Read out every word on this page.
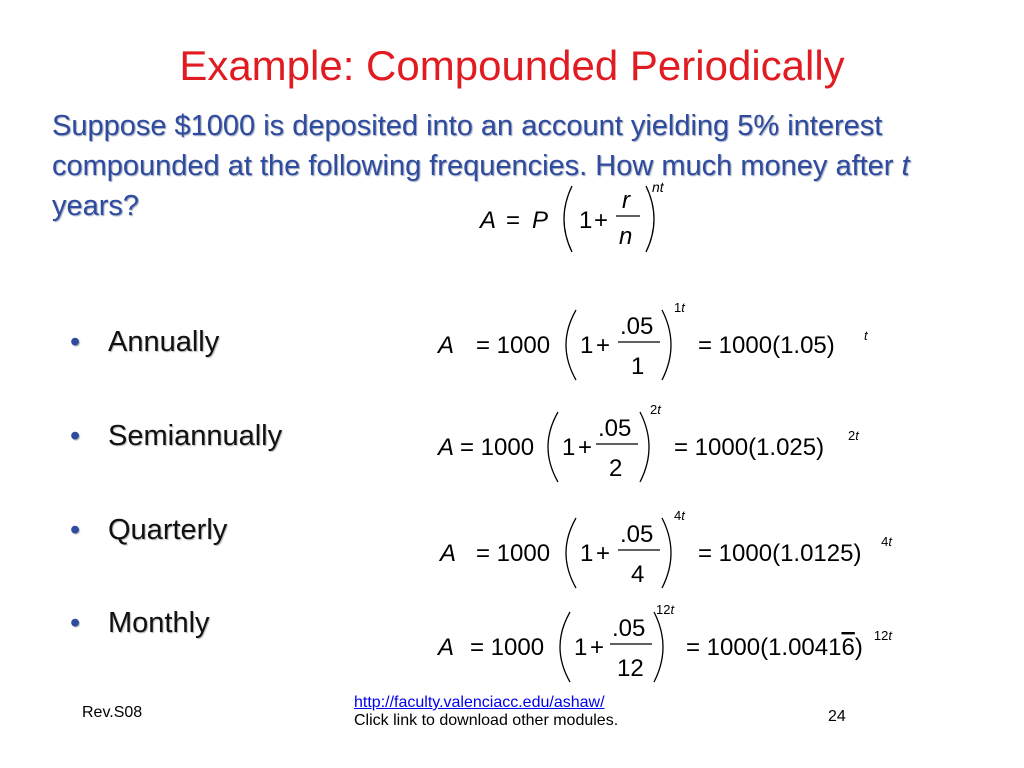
Example: Compounded Periodically
Suppose $1000 is deposited into an account yielding 5% interest compounded at the following frequencies. How much money after t years?	A = P 1 +
r
n
nt
• Annually
• Semiannually
• Quarterly
• Monthly
A = 1000 1 +
.05
1
1t
= 1000(1.05) t
A = 1000 1 +
.05
2
2t
= 1000(1.025) 2t
A = 1000 1 +
.05
4
4t
= 1000(1.0125) 4t
A = 1000 1 +
.05
12
12t
= 1000(1.00416) 12t
Rev.S08
http://faculty.valenciacc.edu/ashaw/
Click link to download other modules.	24
